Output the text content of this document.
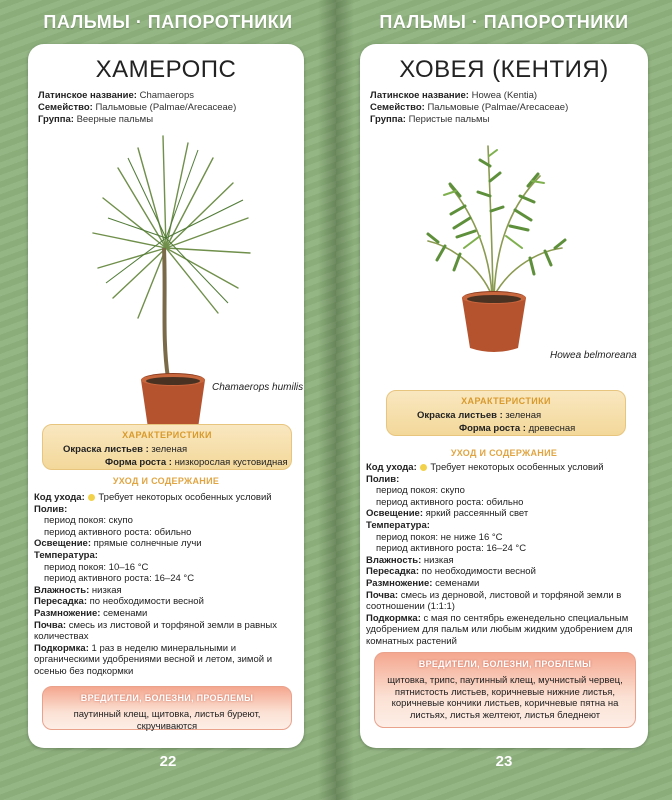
ПАЛЬМЫ · ПАПОРОТНИКИ
ХАМЕРОПС
Латинское название: Chamaerops
Семейство: Пальмовые (Palmae/Arecaceae)
Группа: Веерные пальмы
Chamaerops humilis
ХАРАКТЕРИСТИКИ
Окраска листьев : зеленая
Форма роста : низкорослая кустовидная
УХОД И СОДЕРЖАНИЕ
Код ухода: Требует некоторых особенных условий
Полив:
период покоя: скупо
период активного роста: обильно
Освещение: прямые солнечные лучи
Температура:
период покоя: 10–16 °С
период активного роста: 16–24 °С
Влажность: низкая
Пересадка: по необходимости весной
Размножение: семенами
Почва: смесь из листовой и торфяной земли в равных количествах
Подкормка: 1 раз в неделю минеральными и органическими удобрениями весной и летом, зимой и осенью без подкормки
ВРЕДИТЕЛИ, БОЛЕЗНИ, ПРОБЛЕМЫ
паутинный клещ, щитовка, листья буреют, скручиваются
22
ПАЛЬМЫ · ПАПОРОТНИКИ
ХОВЕЯ (КЕНТИЯ)
Латинское название: Howea (Kentia)
Семейство: Пальмовые (Palmae/Arecaceae)
Группа: Перистые пальмы
Howea belmoreana
ХАРАКТЕРИСТИКИ
Окраска листьев : зеленая
Форма роста : древесная
УХОД И СОДЕРЖАНИЕ
Код ухода: Требует некоторых особенных условий
Полив:
период покоя: скупо
период активного роста: обильно
Освещение: яркий рассеянный свет
Температура:
период покоя: не ниже 16 °С
период активного роста: 16–24 °С
Влажность: низкая
Пересадка: по необходимости весной
Размножение: семенами
Почва: смесь из дерновой, листовой и торфяной земли в соотношении (1:1:1)
Подкормка: с мая по сентябрь еженедельно специальным удобрением для пальм или любым жидким удобрением для комнатных растений
ВРЕДИТЕЛИ, БОЛЕЗНИ, ПРОБЛЕМЫ
щитовка, трипс, паутинный клещ, мучнистый червец, пятнистость листьев, коричневые нижние листья, коричневые кончики листьев, коричневые пятна на листьях, листья желтеют, листья бледнеют
23
